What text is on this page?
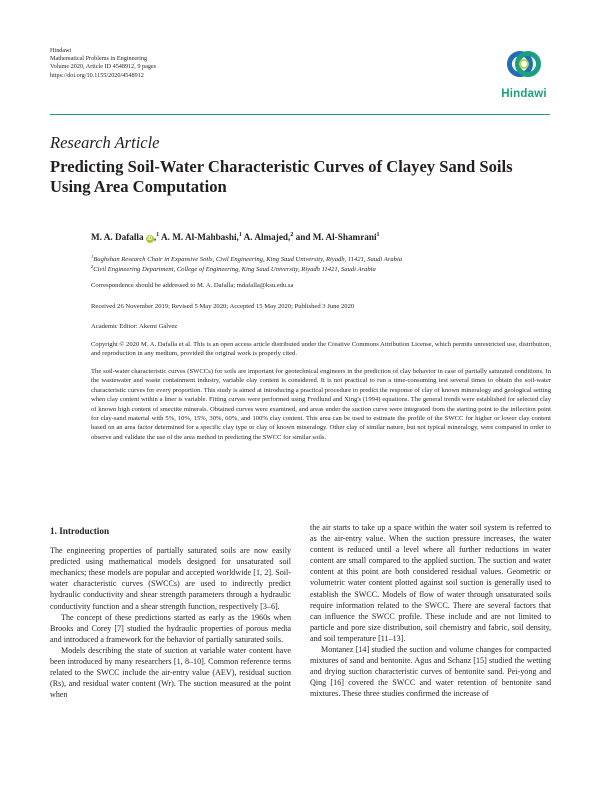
Hindawi
Mathematical Problems in Engineering
Volume 2020, Article ID 4548912, 9 pages
https://doi.org/10.1155/2020/4548912
Hindawi
Research Article
Predicting Soil-Water Characteristic Curves of Clayey Sand Soils Using Area Computation
M. A. Dafalla iD ,$^1$ A. M. Al-Mahbashi,$^1$ A. Almajed,$^2$ and M. Al-Shamrani$^1$
$^1$Bughshan Research Chair in Expansive Soils, Civil Engineering, King Saud University, Riyadh, 11421, Saudi Arabia
$^2$Civil Engineering Department, College of Engineering, King Saud University, Riyadh 11421, Saudi Arabia
Correspondence should be addressed to M. A. Dafalla; mdafalla@ksu.edu.sa
Received 26 November 2019; Revised 5 May 2020; Accepted 15 May 2020; Published 3 June 2020
Academic Editor: Akemi Gálvez
Copyright © 2020 M. A. Dafalla et al. This is an open access article distributed under the Creative Commons Attribution License, which permits unrestricted use, distribution, and reproduction in any medium, provided the original work is properly cited.
The soil-water characteristic curves (SWCCs) for soils are important for geotechnical engineers in the prediction of clay behavior in case of partially saturated conditions. In the wastewater and waste containment industry, variable clay content is considered. It is not practical to run a time-consuming test several times to obtain the soil-water characteristic curves for every proportion. This study is aimed at introducing a practical procedure to predict the response of clay of known mineralogy and geological setting when clay content within a liner is variable. Fitting curves were performed using Fredlund and Xing's (1994) equations. The general trends were established for selected clay of known high content of smectite minerals. Obtained curves were examined, and areas under the suction curve were integrated from the starting point to the inflection point for clay-sand material with 5%, 10%, 15%, 30%, 60%, and 100% clay content. This area can be used to estimate the profile of the SWCC for higher or lower clay content based on an area factor determined for a specific clay type or clay of known mineralogy. Other clay of similar nature, but not typical mineralogy, were compared in order to observe and validate the use of the area method in predicting the SWCC for similar soils.
1. Introduction

The engineering properties of partially saturated soils are now easily predicted using mathematical models designed for unsaturated soil mechanics; these models are popular and accepted worldwide [1, 2]. Soil-water characteristic curves (SWCCs) are used to indirectly predict hydraulic conductivity and shear strength parameters through a hydraulic conductivity function and a shear strength function, respectively [3–6].

The concept of these predictions started as early as the 1960s when Brooks and Corey [7] studied the hydraulic properties of porous media and introduced a framework for the behavior of partially saturated soils.

Models describing the state of suction at variable water content have been introduced by many researchers [1, 8–10]. Common reference terms related to the SWCC include the air-entry value (AEV), residual suction (Rs), and residual water content (Wr). The suction measured at the point when

the air starts to take up a space within the water soil system is referred to as the air-entry value. When the suction pressure increases, the water content is reduced until a level where all further reductions in water content are small compared to the applied suction. The suction and water content at this point are both considered residual values. Geometric or volumetric water content plotted against soil suction is generally used to establish the SWCC. Models of flow of water through unsaturated soils require information related to the SWCC. There are several factors that can influence the SWCC profile. These include and are not limited to particle and pore size distribution, soil chemistry and fabric, soil density, and soil temperature [11–13].

Montanez [14] studied the suction and volume changes for compacted mixtures of sand and bentonite. Agus and Schanz [15] studied the wetting and drying suction characteristic curves of bentonite sand. Pei-yong and Qing [16] covered the SWCC and water retention of bentonite sand mixtures. These three studies confirmed the increase of
